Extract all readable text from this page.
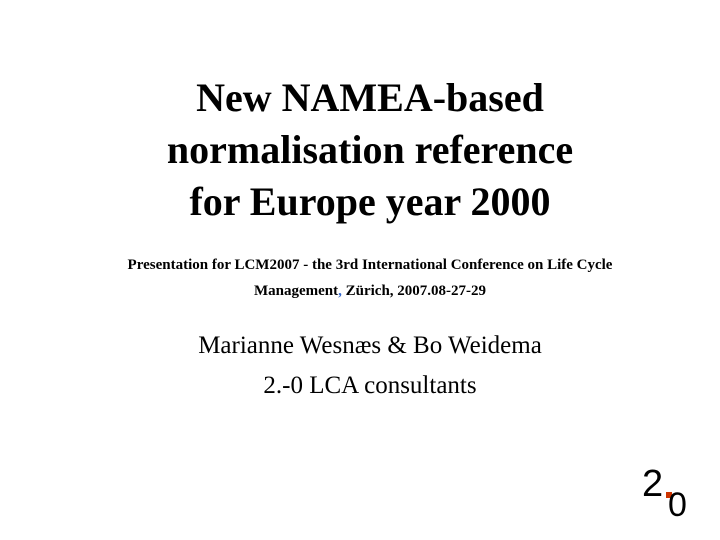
New NAMEA-based
normalisation reference
for Europe year 2000
Presentation for LCM2007 - the 3rd International Conference on Life Cycle
Management, Zürich, 2007.08-27-29
Marianne Wesnæs & Bo Weidema
2.-0 LCA consultants
2 0
